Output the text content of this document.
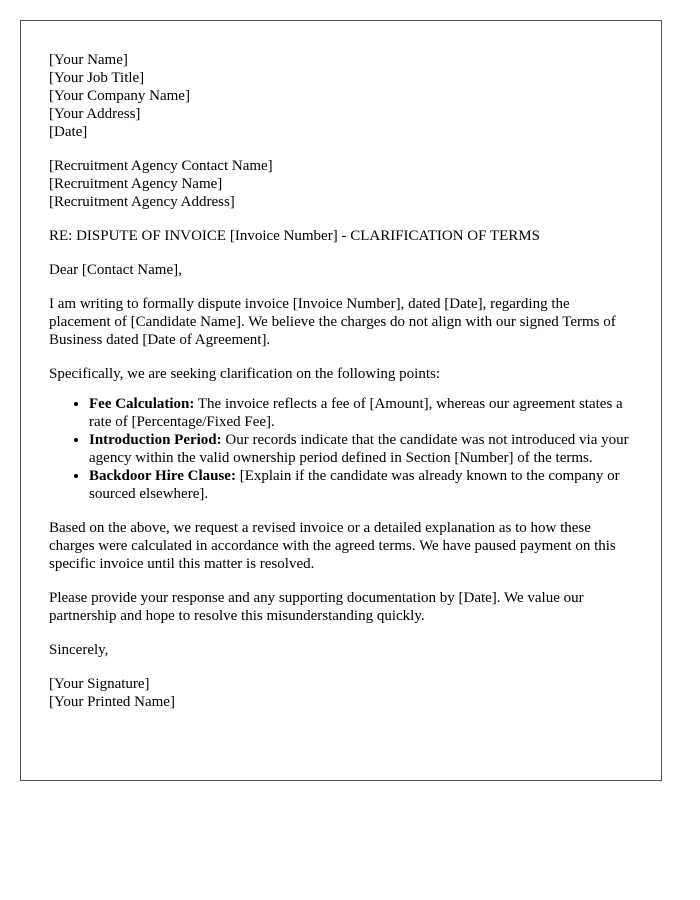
[Your Name]
[Your Job Title]
[Your Company Name]
[Your Address]
[Date]
[Recruitment Agency Contact Name]
[Recruitment Agency Name]
[Recruitment Agency Address]

RE: DISPUTE OF INVOICE [Invoice Number] - CLARIFICATION OF TERMS

Dear [Contact Name],

I am writing to formally dispute invoice [Invoice Number], dated [Date], regarding the placement of [Candidate Name]. We believe the charges do not align with our signed Terms of Business dated [Date of Agreement].

Specifically, we are seeking clarification on the following points:

• Fee Calculation: The invoice reflects a fee of [Amount], whereas our agreement states a rate of [Percentage/Fixed Fee].
• Introduction Period: Our records indicate that the candidate was not introduced via your agency within the valid ownership period defined in Section [Number] of the terms.
• Backdoor Hire Clause: [Explain if the candidate was already known to the company or sourced elsewhere].

Based on the above, we request a revised invoice or a detailed explanation as to how these charges were calculated in accordance with the agreed terms. We have paused payment on this specific invoice until this matter is resolved.

Please provide your response and any supporting documentation by [Date]. We value our partnership and hope to resolve this misunderstanding quickly.

Sincerely,

[Your Signature]
[Your Printed Name]
